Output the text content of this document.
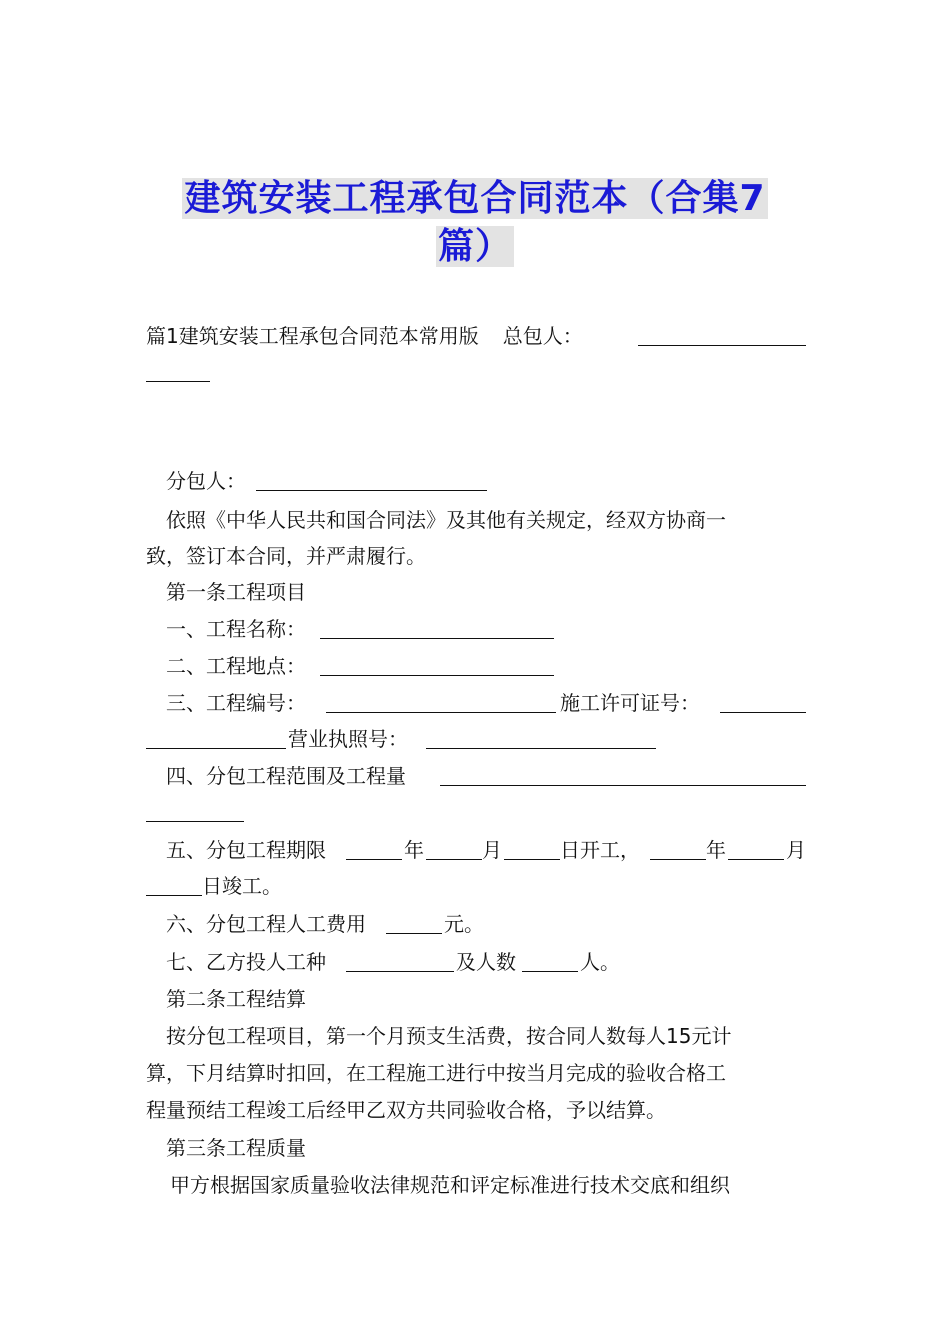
建筑安装工程承包合同范本（合集7
篇）
篇1建筑安装工程承包合同范本常用版 总包人：
分包人：
依照《中华人民共和国合同法》及其他有关规定，经双方协商一
致，签订本合同，并严肃履行。
第一条工程项目
一、工程名称：
二、工程地点：
三、工程编号：	施工许可证号：
营业执照号：
四、分包工程范围及工程量
五、分包工程期限	年	月	日开工，	年	月
日竣工。
六、分包工程人工费用	元。
七、乙方投人工种	及人数	人。
第二条工程结算
按分包工程项目，第一个月预支生活费，按合同人数每人15元计
算，下月结算时扣回，在工程施工进行中按当月完成的验收合格工
程量预结工程竣工后经甲乙双方共同验收合格，予以结算。
第三条工程质量
甲方根据国家质量验收法律规范和评定标准进行技术交底和组织
